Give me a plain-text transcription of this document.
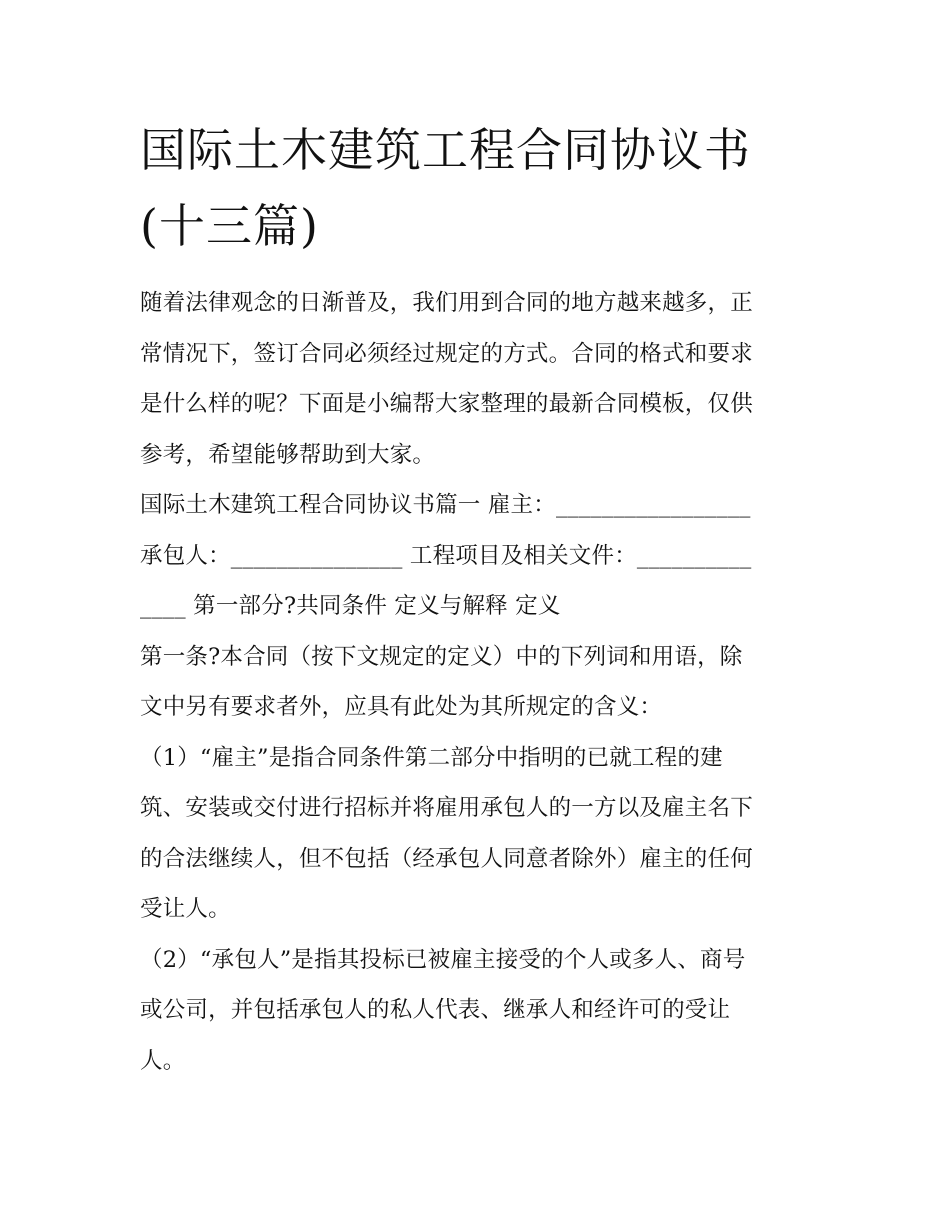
国际土木建筑工程合同协议书
(十三篇)
随着法律观念的日渐普及，我们用到合同的地方越来越多，正
常情况下，签订合同必须经过规定的方式。合同的格式和要求
是什么样的呢？下面是小编帮大家整理的最新合同模板，仅供
参考，希望能够帮助到大家。
国际土木建筑工程合同协议书篇一 雇主：_________________
承包人：_______________ 工程项目及相关文件：__________
____ 第一部分?共同条件 定义与解释 定义
第一条?本合同（按下文规定的定义）中的下列词和用语，除
文中另有要求者外，应具有此处为其所规定的含义：
（1）“雇主”是指合同条件第二部分中指明的已就工程的建
筑、安装或交付进行招标并将雇用承包人的一方以及雇主名下
的合法继续人，但不包括（经承包人同意者除外）雇主的任何
受让人。
（2）“承包人”是指其投标已被雇主接受的个人或多人、商号
或公司，并包括承包人的私人代表、继承人和经许可的受让
人。
